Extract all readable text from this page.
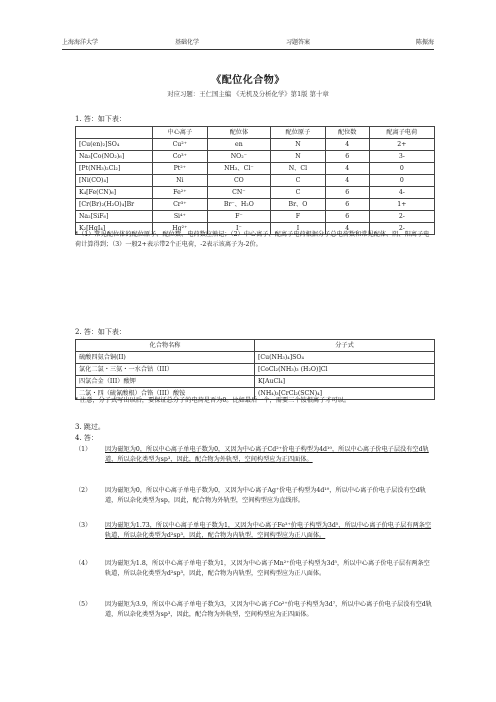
上海海洋大学	基础化学	习题答案	陈振海
《配位化合物》
对应习题：王仁国主编 《无机及分析化学》第1版 第十章
1. 答：如下表：
	中心离子	配位体	配位原子	配位数	配离子电荷
[Cu(en)₂]SO₄	Cu²⁺	en	N	4	2+
Na₃[Co(NO₂)₆]	Co³⁺	NO₂⁻	N	6	3-
[Pt(NH₃)₂Cl₂]	Pt²⁺	NH₃、Cl⁻	N、Cl	4	0
[Ni(CO)₄]	Ni	CO	C	4	0
K₄[Fe(CN)₆]	Fe²⁺	CN⁻	C	6	4-
[Cr(Br)₂(H₂O)₄]Br	Cr³⁺	Br⁻、H₂O	Br、O	6	1+
Na₂[SiF₆]	Si⁴⁺	F⁻	F	6	2-
K₂[HgI₄]	Hg²⁺	I⁻	I	4	2-
*（1）常见配位体的配位原子、配位数、电荷数应熟记；（2）中心离子、配离子电荷根据分子总电荷数和常见配体、阴、阳离子电荷计算得到；（3）一般2+表示带2个正电荷，-2表示该离子为-2价。
2. 答：如下表：
化合物名称	分子式
硫酸四氨合铜(II)	[Cu(NH₃)₄]SO₄
氯化二氯・三氨・一水合钴（III）	[CoCl₂(NH₃)₃ (H₂O)]Cl
四氯合金（III）酸钾	K[AuCl₄]
二氯・四（硫氰酸根）合铬（III）酸铵	(NH₄)₃[CrCl₂(SCN)₄]
* 注意，分子式写出以后，要保证总分子的电荷是否为0。比如最后一个，需要三个铵根离子才可以。
3. 跳过。
4. 答：
（1） 因为磁矩为0，所以中心离子单电子数为0，又因为中心离子Cd²⁺价电子构型为4d¹⁰，所以中心离子价电子层没有空d轨道，所以杂化类型为sp³，因此，配合物为外轨型，空间构型应为正四面体。
（2） 因为磁矩为0，所以中心离子单电子数为0，又因为中心离子Ag⁺价电子构型为4d¹⁰，所以中心离子价电子层没有空d轨道，所以杂化类型为sp，因此，配合物为外轨型，空间构型应为直线形。
（3） 因为磁矩为1.73，所以中心离子单电子数为1，又因为中心离子Fe³⁺价电子构型为3d⁵，所以中心离子价电子层有两条空轨道，所以杂化类型为d²sp³，因此，配合物为内轨型，空间构型应为正八面体。
（4） 因为磁矩为1.8，所以中心离子单电子数为1，又因为中心离子Mn²⁺价电子构型为3d⁵，所以中心离子价电子层有两条空轨道，所以杂化类型为d²sp³，因此，配合物为内轨型，空间构型应为正八面体。
（5） 因为磁矩为3.9，所以中心离子单电子数为3，又因为中心离子Co²⁺价电子构型为3d⁷，所以中心离子价电子层没有空d轨道，所以杂化类型为sp³，因此，配合物为外轨型，空间构型应为正四面体。
